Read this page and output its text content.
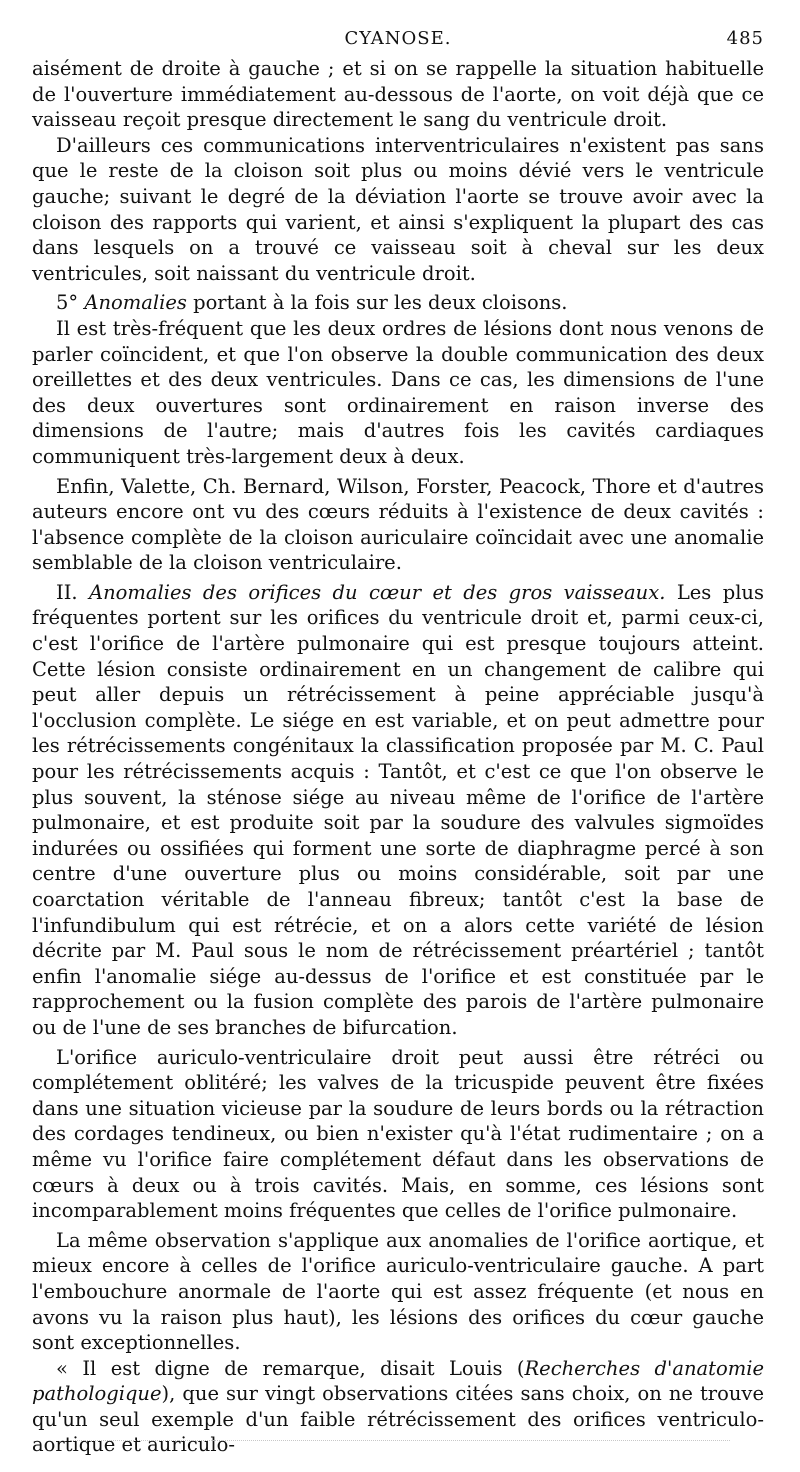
CYANOSE.	485

aisément de droite à gauche ; et si on se rappelle la situation habituelle de l'ouverture immédiatement au-dessous de l'aorte, on voit déjà que ce vaisseau reçoit presque directement le sang du ventricule droit.

D'ailleurs ces communications interventriculaires n'existent pas sans que le reste de la cloison soit plus ou moins dévié vers le ventricule gauche; suivant le degré de la déviation l'aorte se trouve avoir avec la cloison des rapports qui varient, et ainsi s'expliquent la plupart des cas dans lesquels on a trouvé ce vaisseau soit à cheval sur les deux ventricules, soit naissant du ventricule droit.

5° Anomalies portant à la fois sur les deux cloisons.

Il est très-fréquent que les deux ordres de lésions dont nous venons de parler coïncident, et que l'on observe la double communication des deux oreillettes et des deux ventricules. Dans ce cas, les dimensions de l'une des deux ouvertures sont ordinairement en raison inverse des dimensions de l'autre; mais d'autres fois les cavités cardiaques communiquent très-largement deux à deux.

Enfin, Valette, Ch. Bernard, Wilson, Forster, Peacock, Thore et d'autres auteurs encore ont vu des cœurs réduits à l'existence de deux cavités : l'absence complète de la cloison auriculaire coïncidait avec une anomalie semblable de la cloison ventriculaire.

II. Anomalies des orifices du cœur et des gros vaisseaux. Les plus fréquentes portent sur les orifices du ventricule droit et, parmi ceux-ci, c'est l'orifice de l'artère pulmonaire qui est presque toujours atteint. Cette lésion consiste ordinairement en un changement de calibre qui peut aller depuis un rétrécissement à peine appréciable jusqu'à l'occlusion complète. Le siége en est variable, et on peut admettre pour les rétrécissements congénitaux la classification proposée par M. C. Paul pour les rétrécissements acquis : Tantôt, et c'est ce que l'on observe le plus souvent, la sténose siége au niveau même de l'orifice de l'artère pulmonaire, et est produite soit par la soudure des valvules sigmoïdes indurées ou ossifiées qui forment une sorte de diaphragme percé à son centre d'une ouverture plus ou moins considérable, soit par une coarctation véritable de l'anneau fibreux; tantôt c'est la base de l'infundibulum qui est rétrécie, et on a alors cette variété de lésion décrite par M. Paul sous le nom de rétrécissement préartériel ; tantôt enfin l'anomalie siége au-dessus de l'orifice et est constituée par le rapprochement ou la fusion complète des parois de l'artère pulmonaire ou de l'une de ses branches de bifurcation.

L'orifice auriculo-ventriculaire droit peut aussi être rétréci ou complétement oblitéré; les valves de la tricuspide peuvent être fixées dans une situation vicieuse par la soudure de leurs bords ou la rétraction des cordages tendineux, ou bien n'exister qu'à l'état rudimentaire ; on a même vu l'orifice faire complétement défaut dans les observations de cœurs à deux ou à trois cavités. Mais, en somme, ces lésions sont incomparablement moins fréquentes que celles de l'orifice pulmonaire.

La même observation s'applique aux anomalies de l'orifice aortique, et mieux encore à celles de l'orifice auriculo-ventriculaire gauche. A part l'embouchure anormale de l'aorte qui est assez fréquente (et nous en avons vu la raison plus haut), les lésions des orifices du cœur gauche sont exceptionnelles.

« Il est digne de remarque, disait Louis (Recherches d'anatomie pathologique), que sur vingt observations citées sans choix, on ne trouve qu'un seul exemple d'un faible rétrécissement des orifices ventriculo-aortique et auriculo-
